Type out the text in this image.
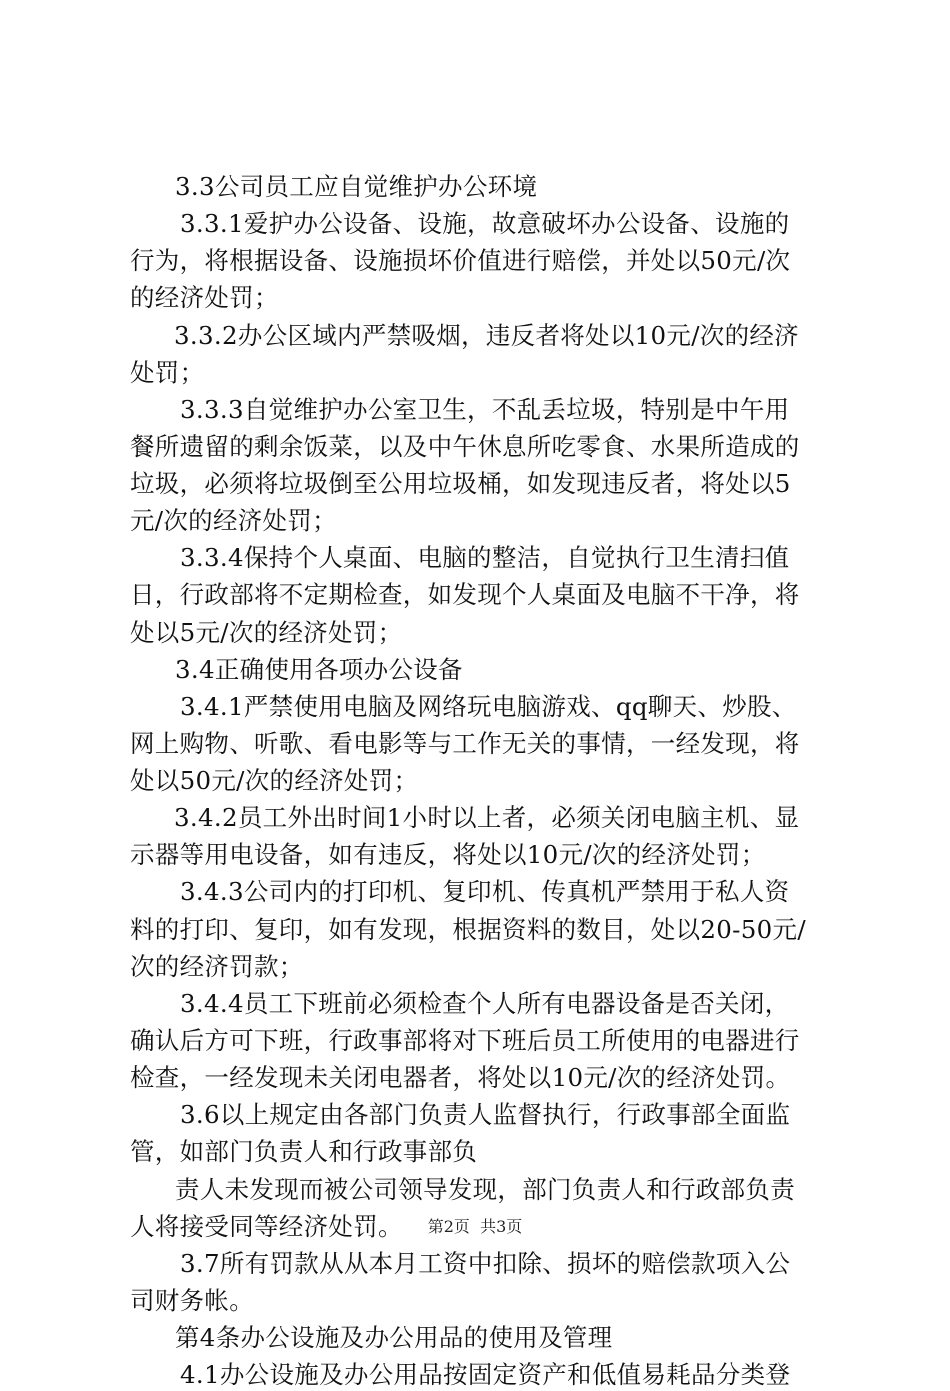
3.3公司员工应自觉维护办公环境
3.3.1爱护办公设备、设施，故意破坏办公设备、设施的
行为，将根据设备、设施损坏价值进行赔偿，并处以50元/次
的经济处罚；
3.3.2办公区域内严禁吸烟，违反者将处以10元/次的经济
处罚；
3.3.3自觉维护办公室卫生，不乱丢垃圾，特别是中午用
餐所遗留的剩余饭菜，以及中午休息所吃零食、水果所造成的
垃圾，必须将垃圾倒至公用垃圾桶，如发现违反者，将处以5
元/次的经济处罚；
3.3.4保持个人桌面、电脑的整洁，自觉执行卫生清扫值
日，行政部将不定期检查，如发现个人桌面及电脑不干净，将
处以5元/次的经济处罚；
3.4正确使用各项办公设备
3.4.1严禁使用电脑及网络玩电脑游戏、qq聊天、炒股、
网上购物、听歌、看电影等与工作无关的事情，一经发现，将
处以50元/次的经济处罚；
3.4.2员工外出时间1小时以上者，必须关闭电脑主机、显
示器等用电设备，如有违反，将处以10元/次的经济处罚；
3.4.3公司内的打印机、复印机、传真机严禁用于私人资
料的打印、复印，如有发现，根据资料的数目，处以20-50元/
次的经济罚款；
3.4.4员工下班前必须检查个人所有电器设备是否关闭，
确认后方可下班，行政事部将对下班后员工所使用的电器进行
检查，一经发现未关闭电器者，将处以10元/次的经济处罚。
3.6以上规定由各部门负责人监督执行，行政事部全面监
管，如部门负责人和行政事部负
责人未发现而被公司领导发现，部门负责人和行政部负责
人将接受同等经济处罚。
3.7所有罚款从从本月工资中扣除、损坏的赔偿款项入公
司财务帐。
第4条办公设施及办公用品的使用及管理
4.1办公设施及办公用品按固定资产和低值易耗品分类登
第2页  共3页
